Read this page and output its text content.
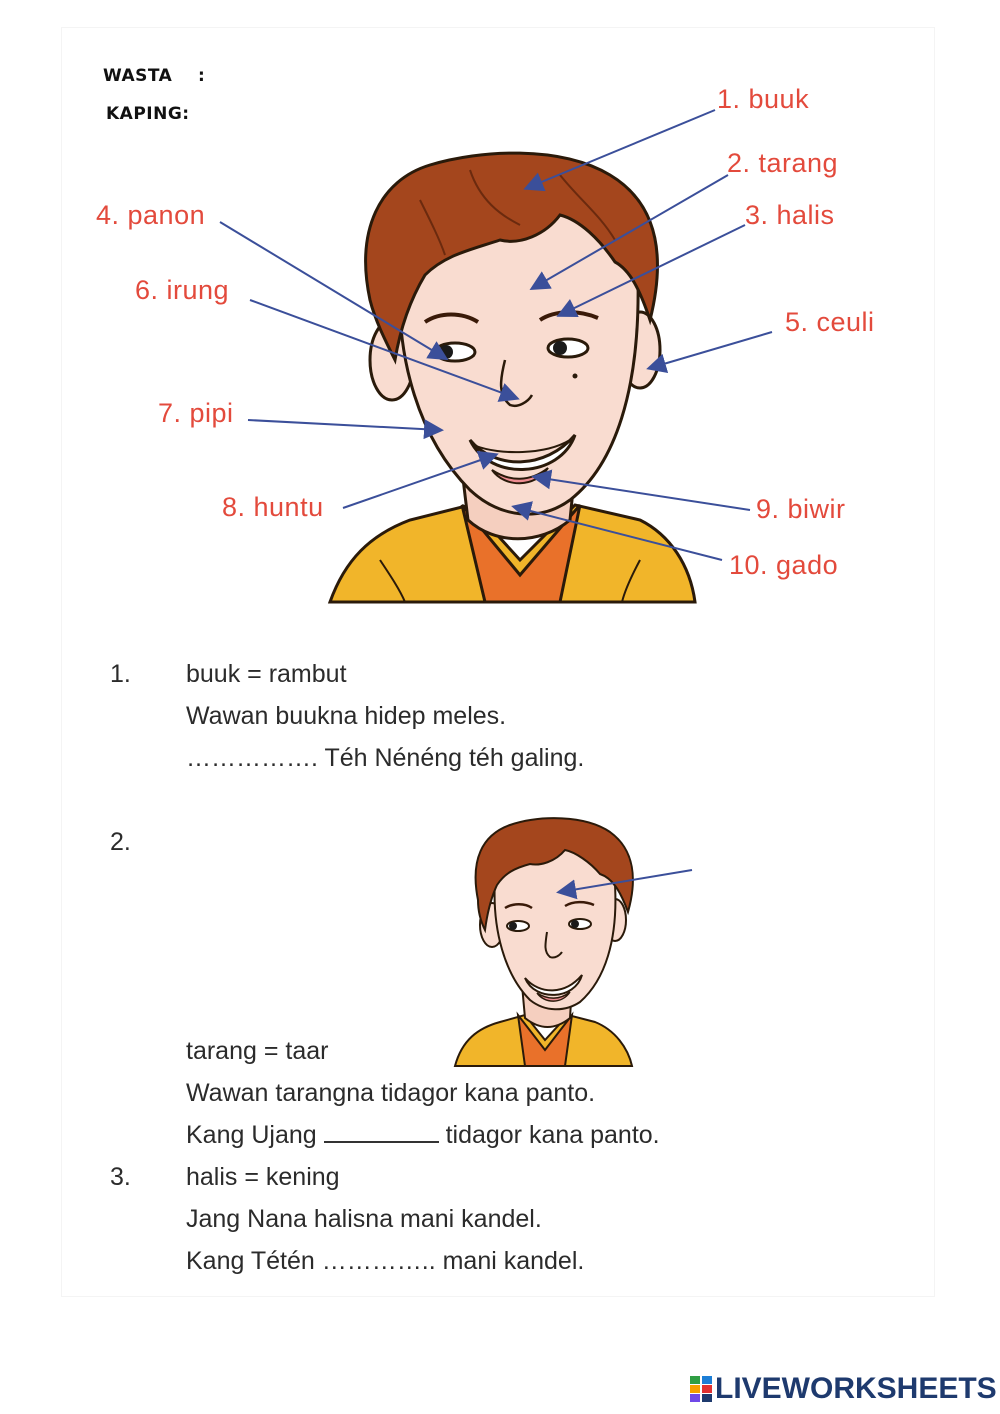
WASTA :
KAPING:	1. buuk
2. tarang
3. halis
4. panon
5. ceuli
6. irung
7. pipi
8. huntu	9. biwir
10. gado
1. buuk = rambut
Wawan buukna hidep meles.
……………. Téh Nénéng téh galing.
2.
tarang = taar
Wawan tarangna tidagor kana panto.
Kang Ujang	tidagor kana panto.
3. halis = kening
Jang Nana halisna mani kandel.
Kang Tétén ………….. mani kandel.
LIVEWORKSHEETS
